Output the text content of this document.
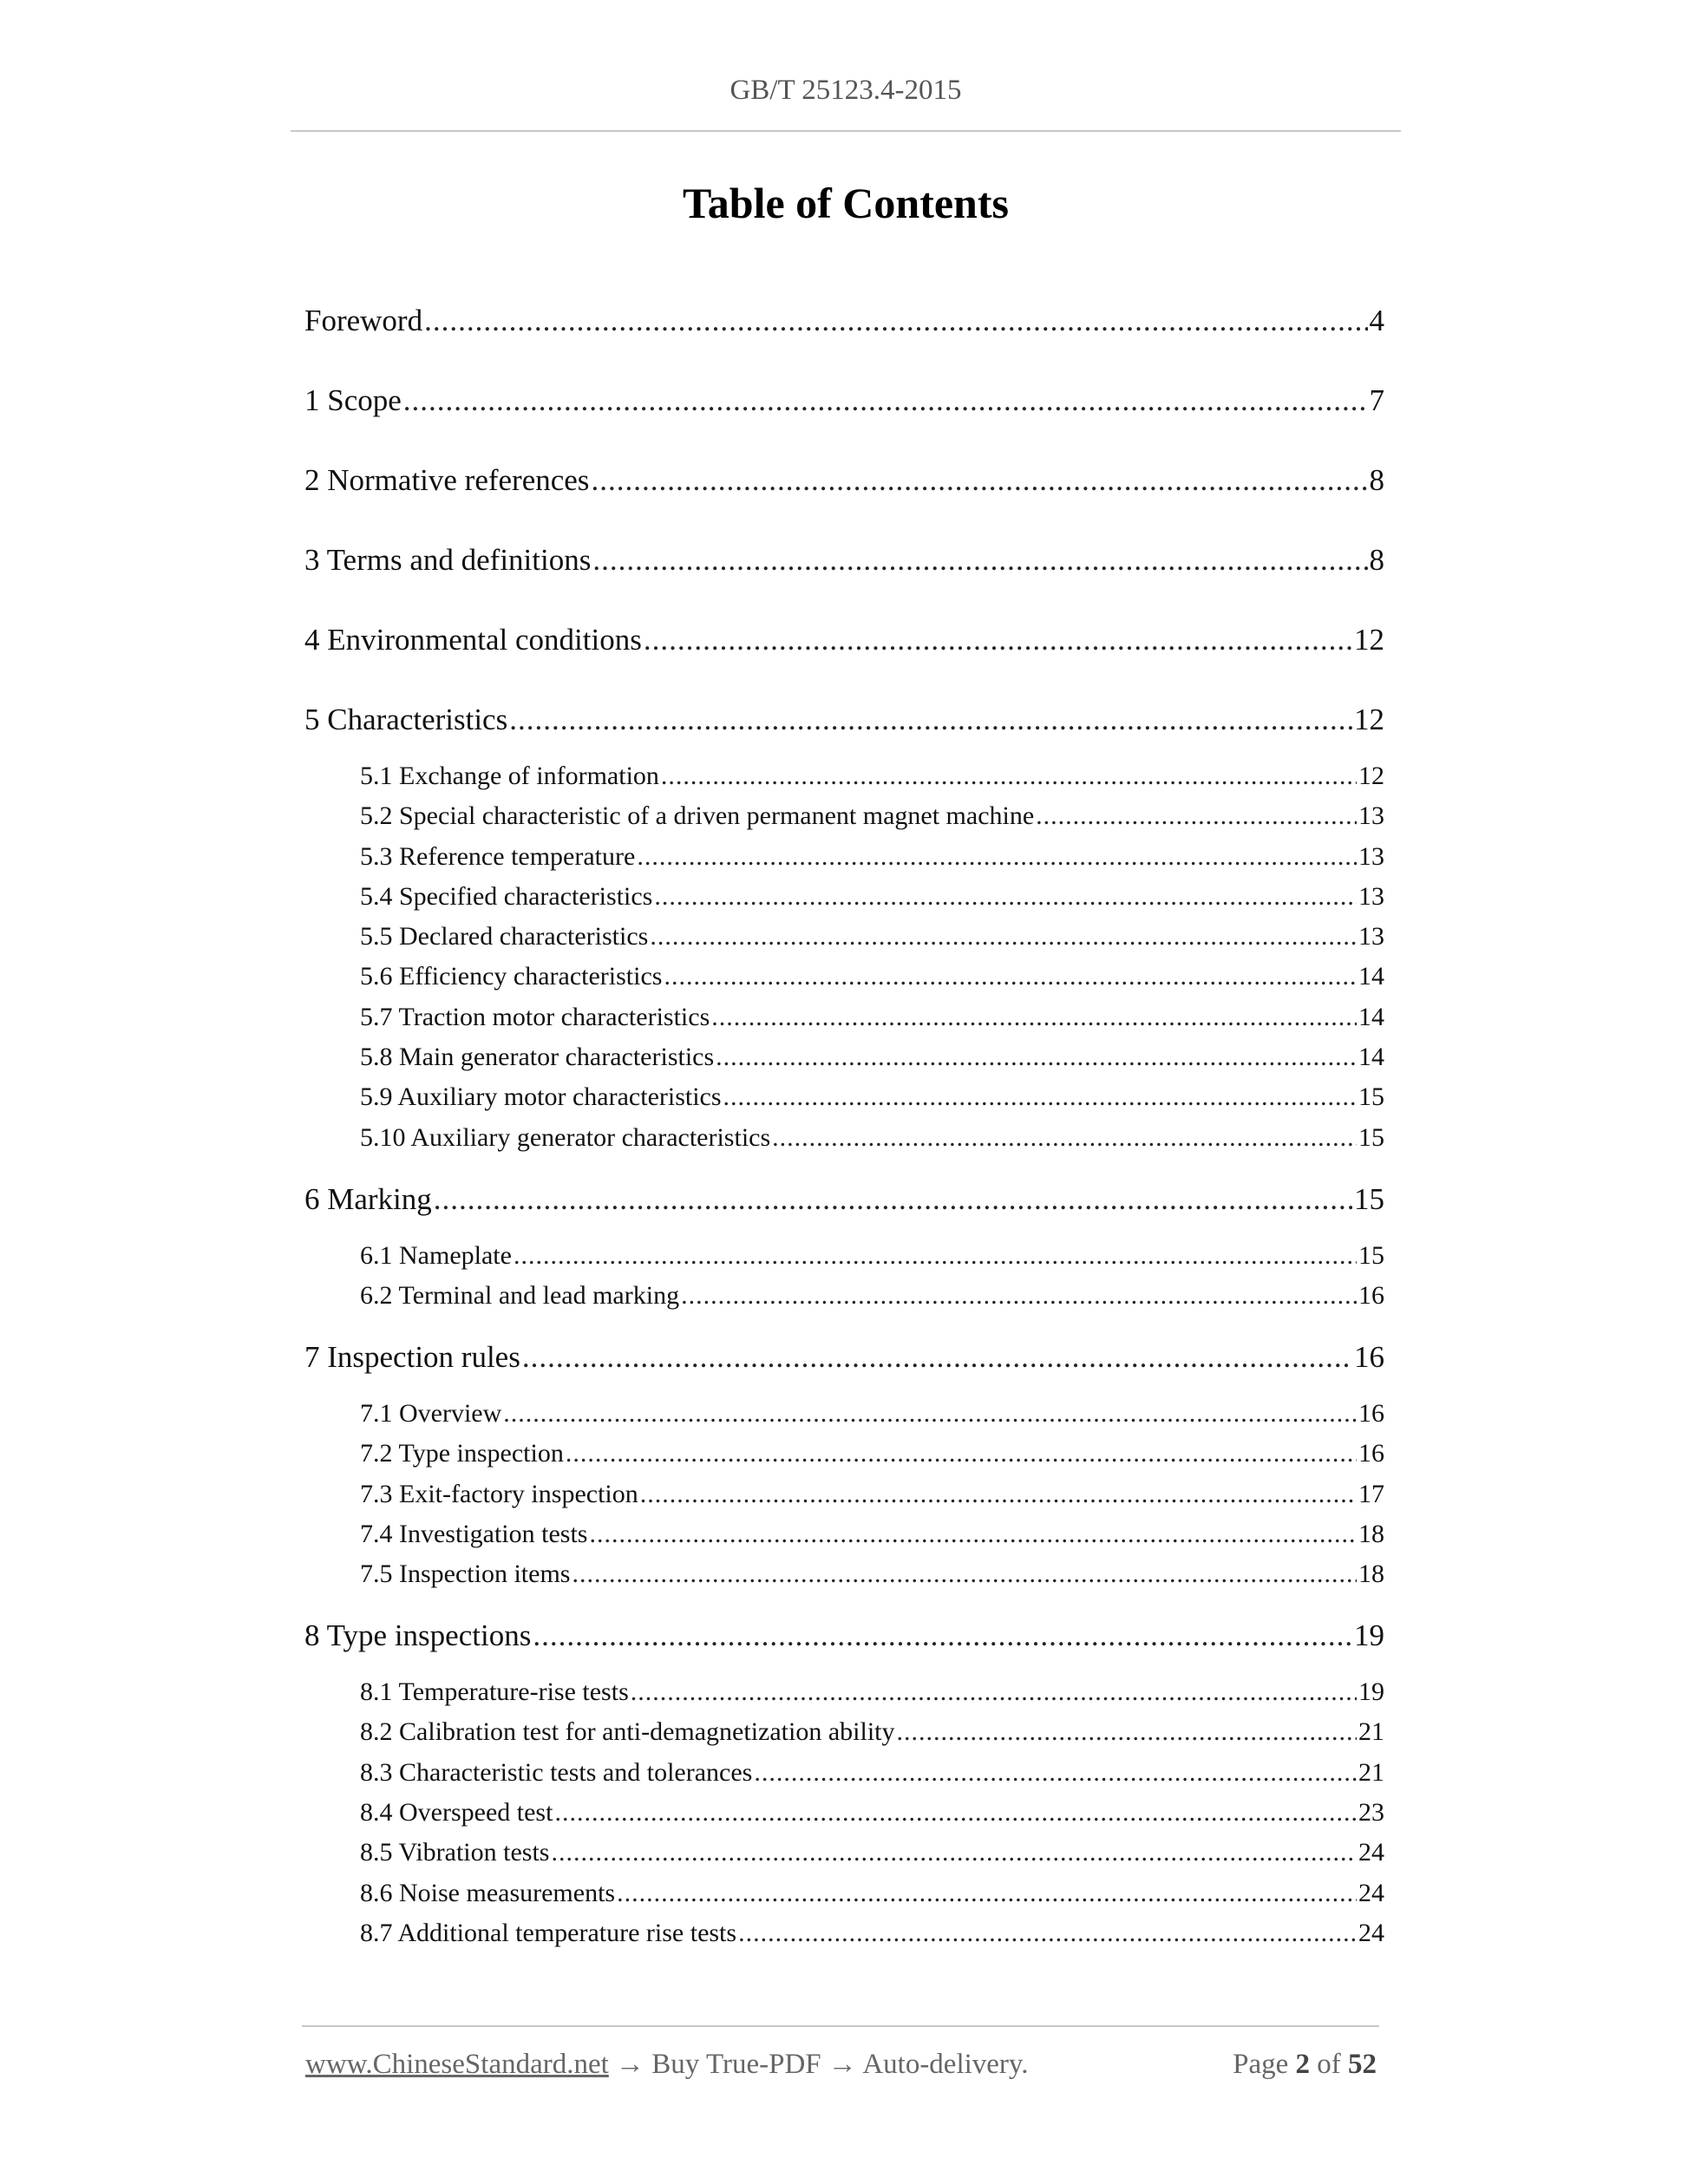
GB/T 25123.4-2015
Table of Contents
Foreword .....	4
1 Scope .....	7
2 Normative references .....	8
3 Terms and definitions .....	8
4 Environmental conditions .....	12
5 Characteristics .....	12
5.1 Exchange of information .....	12
5.2 Special characteristic of a driven permanent magnet machine .....	13
5.3 Reference temperature .....	13
5.4 Specified characteristics .....	13
5.5 Declared characteristics .....	13
5.6 Efficiency characteristics .....	14
5.7 Traction motor characteristics .....	14
5.8 Main generator characteristics .....	14
5.9 Auxiliary motor characteristics .....	15
5.10 Auxiliary generator characteristics .....	15
6 Marking .....	15
6.1 Nameplate .....	15
6.2 Terminal and lead marking .....	16
7 Inspection rules .....	16
7.1 Overview .....	16
7.2 Type inspection .....	16
7.3 Exit-factory inspection .....	17
7.4 Investigation tests .....	18
7.5 Inspection items .....	18
8 Type inspections .....	19
8.1 Temperature-rise tests .....	19
8.2 Calibration test for anti-demagnetization ability .....	21
8.3 Characteristic tests and tolerances .....	21
8.4 Overspeed test .....	23
8.5 Vibration tests .....	24
8.6 Noise measurements .....	24
8.7 Additional temperature rise tests .....	24
www.ChineseStandard.net → Buy True-PDF → Auto-delivery.	Page 2 of 52
